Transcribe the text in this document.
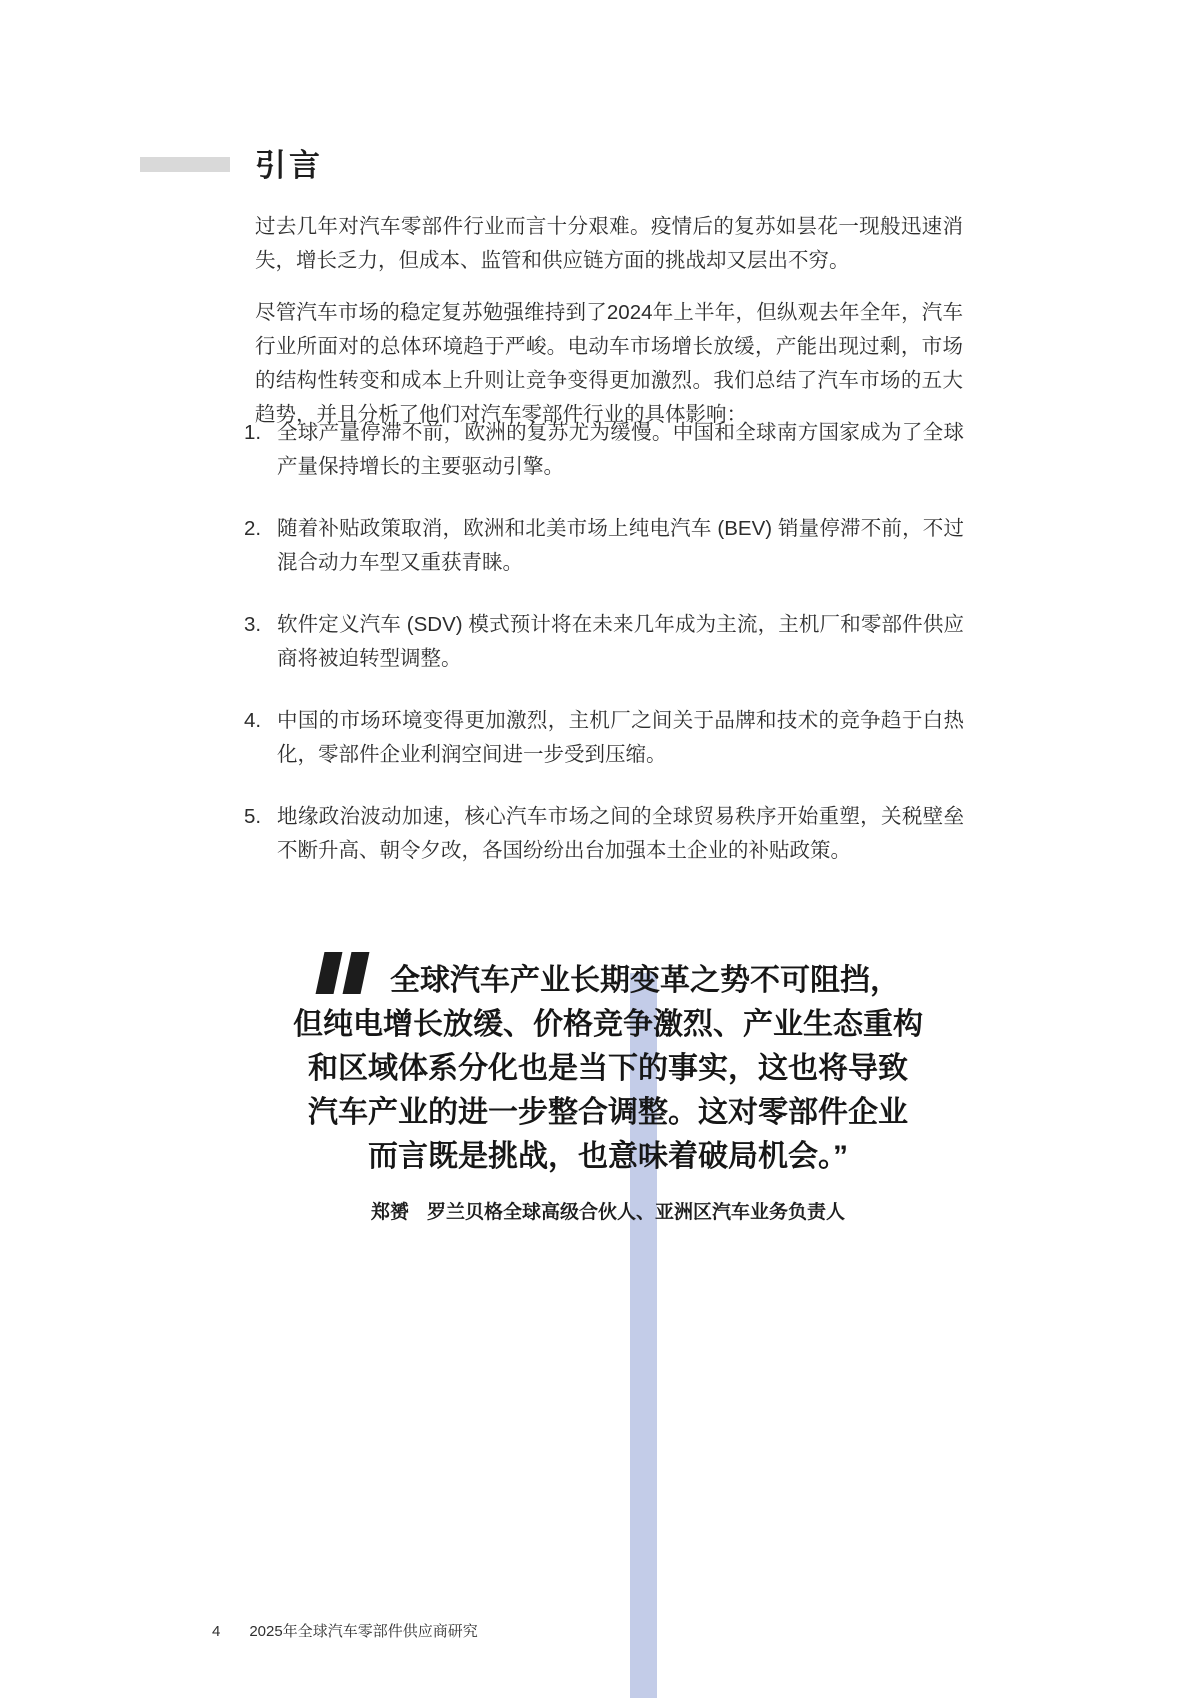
引言

过去几年对汽车零部件行业而言十分艰难。疫情后的复苏如昙花一现般迅速消失，增长乏力，但成本、监管和供应链方面的挑战却又层出不穷。

尽管汽车市场的稳定复苏勉强维持到了2024年上半年，但纵观去年全年，汽车行业所面对的总体环境趋于严峻。电动车市场增长放缓，产能出现过剩，市场的结构性转变和成本上升则让竞争变得更加激烈。我们总结了汽车市场的五大趋势，并且分析了他们对汽车零部件行业的具体影响：

1. 全球产量停滞不前，欧洲的复苏尤为缓慢。中国和全球南方国家成为了全球产量保持增长的主要驱动引擎。
2. 随着补贴政策取消，欧洲和北美市场上纯电汽车 (BEV) 销量停滞不前，不过混合动力车型又重获青睐。
3. 软件定义汽车 (SDV) 模式预计将在未来几年成为主流，主机厂和零部件供应商将被迫转型调整。
4. 中国的市场环境变得更加激烈，主机厂之间关于品牌和技术的竞争趋于白热化，零部件企业利润空间进一步受到压缩。
5. 地缘政治波动加速，核心汽车市场之间的全球贸易秩序开始重塑，关税壁垒不断升高、朝令夕改，各国纷纷出台加强本土企业的补贴政策。
全球汽车产业长期变革之势不可阻挡，
但纯电增长放缓、价格竞争激烈、产业生态重构
和区域体系分化也是当下的事实，这也将导致
汽车产业的进一步整合调整。这对零部件企业
而言既是挑战，也意味着破局机会。”
郑赟 罗兰贝格全球高级合伙人、亚洲区汽车业务负责人
4 2025年全球汽车零部件供应商研究
